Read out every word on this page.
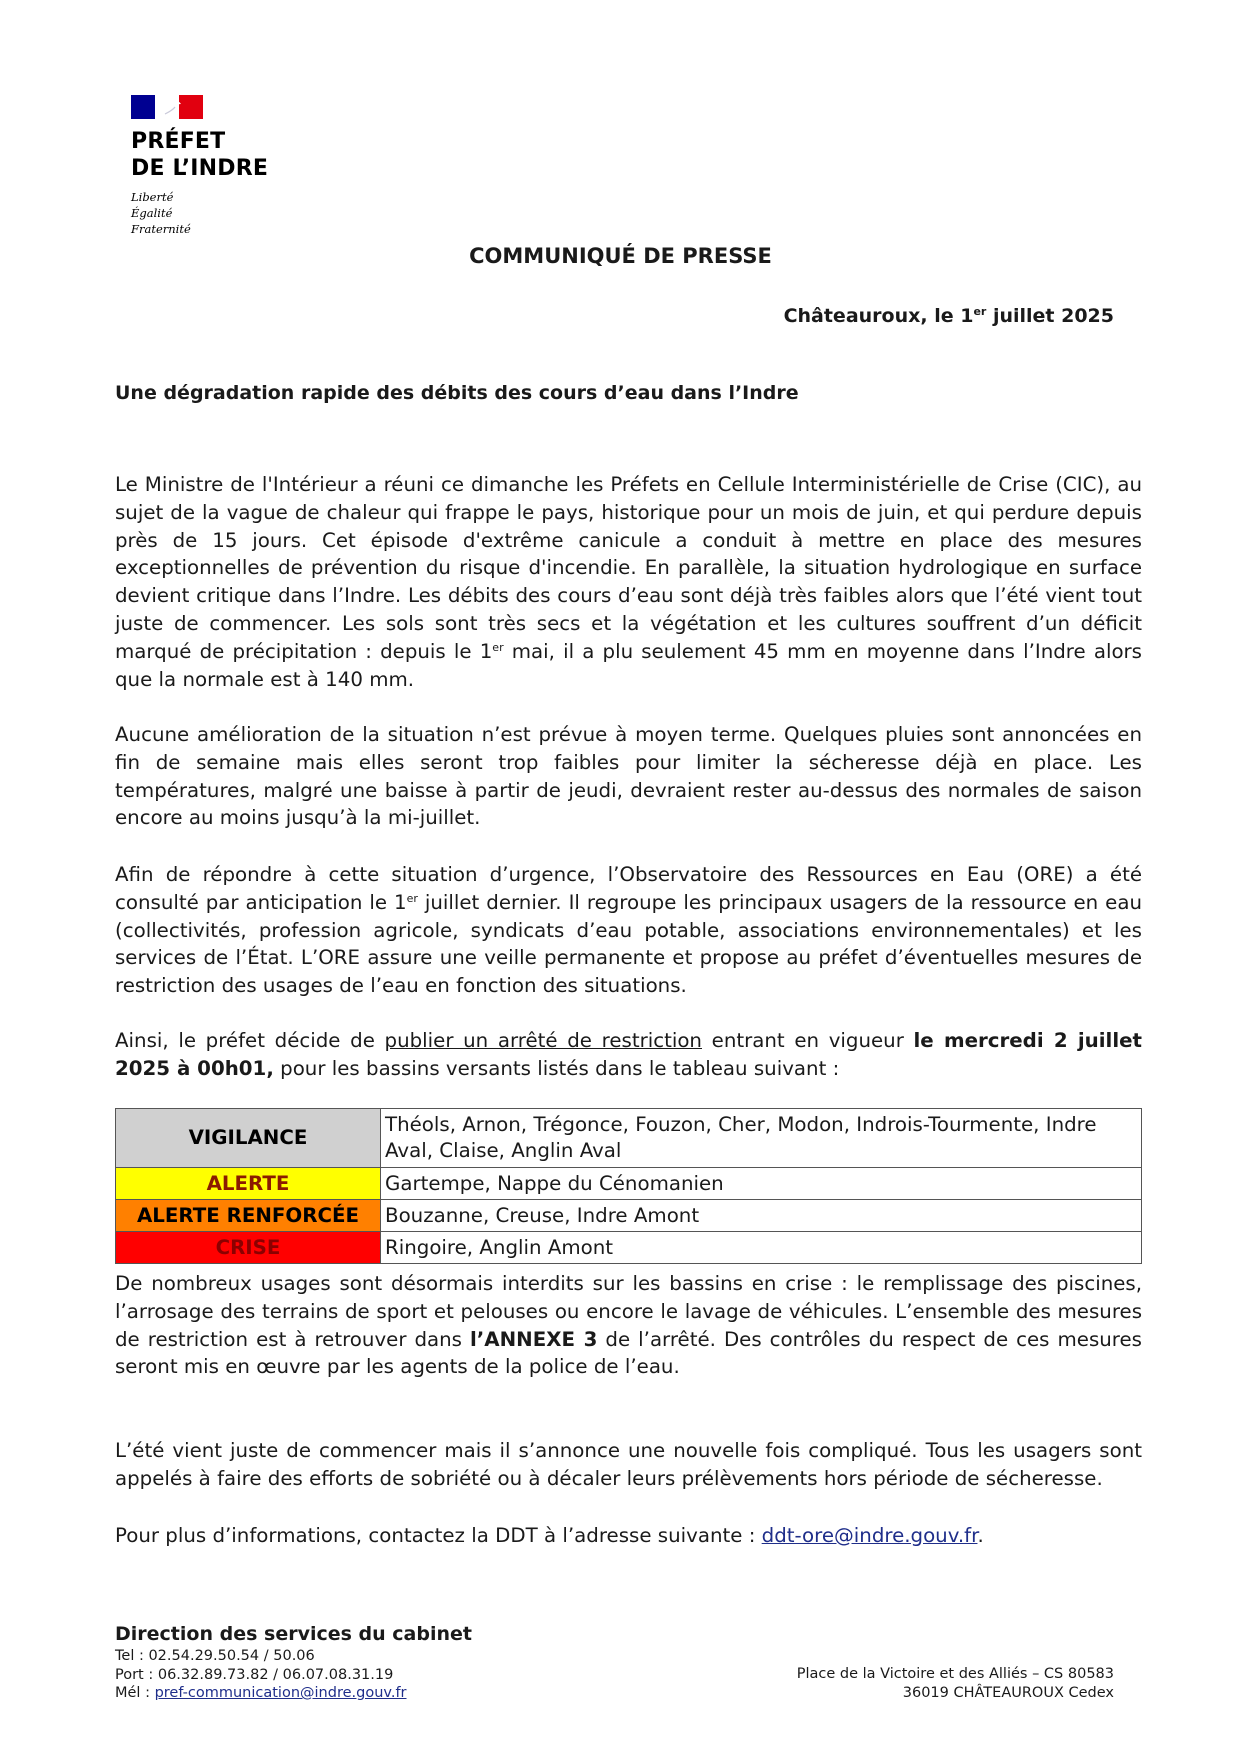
PRÉFET
DE L’INDRE
Liberté
Égalité
Fraternité
COMMUNIQUÉ DE PRESSE
Châteauroux, le 1er juillet 2025
Une dégradation rapide des débits des cours d’eau dans l’Indre

Le Ministre de l'Intérieur a réuni ce dimanche les Préfets en Cellule Interministérielle de Crise (CIC), au sujet de la vague de chaleur qui frappe le pays, historique pour un mois de juin, et qui perdure depuis près de 15 jours. Cet épisode d'extrême canicule a conduit à mettre en place des mesures exceptionnelles de prévention du risque d'incendie. En parallèle, la situation hydrologique en surface devient critique dans l’Indre. Les débits des cours d’eau sont déjà très faibles alors que l’été vient tout juste de commencer. Les sols sont très secs et la végétation et les cultures souffrent d’un déficit marqué de précipitation : depuis le 1er mai, il a plu seulement 45 mm en moyenne dans l’Indre alors que la normale est à 140 mm.

Aucune amélioration de la situation n’est prévue à moyen terme. Quelques pluies sont annoncées en fin de semaine mais elles seront trop faibles pour limiter la sécheresse déjà en place. Les températures, malgré une baisse à partir de jeudi, devraient rester au-dessus des normales de saison encore au moins jusqu’à la mi-juillet.

Afin de répondre à cette situation d’urgence, l’Observatoire des Ressources en Eau (ORE) a été consulté par anticipation le 1er juillet dernier. Il regroupe les principaux usagers de la ressource en eau (collectivités, profession agricole, syndicats d’eau potable, associations environnementales) et les services de l’État. L’ORE assure une veille permanente et propose au préfet d’éventuelles mesures de restriction des usages de l’eau en fonction des situations.

Ainsi, le préfet décide de publier un arrêté de restriction entrant en vigueur le mercredi 2 juillet 2025 à 00h01, pour les bassins versants listés dans le tableau suivant :

VIGILANCE	Théols, Arnon, Trégonce, Fouzon, Cher, Modon, Indrois-Tourmente, Indre Aval, Claise, Anglin Aval
ALERTE	Gartempe, Nappe du Cénomanien
ALERTE RENFORCÉE	Bouzanne, Creuse, Indre Amont
CRISE	Ringoire, Anglin Amont

De nombreux usages sont désormais interdits sur les bassins en crise : le remplissage des piscines, l’arrosage des terrains de sport et pelouses ou encore le lavage de véhicules. L’ensemble des mesures de restriction est à retrouver dans l’ANNEXE 3 de l’arrêté. Des contrôles du respect de ces mesures seront mis en œuvre par les agents de la police de l’eau.

L’été vient juste de commencer mais il s’annonce une nouvelle fois compliqué. Tous les usagers sont appelés à faire des efforts de sobriété ou à décaler leurs prélèvements hors période de sécheresse.

Pour plus d’informations, contactez la DDT à l’adresse suivante : ddt-ore@indre.gouv.fr.

Direction des services du cabinet
Tel : 02.54.29.50.54 / 50.06
Port : 06.32.89.73.82 / 06.07.08.31.19
Mél : pref-communication@indre.gouv.fr
Place de la Victoire et des Alliés – CS 80583
36019 CHÂTEAUROUX Cedex
